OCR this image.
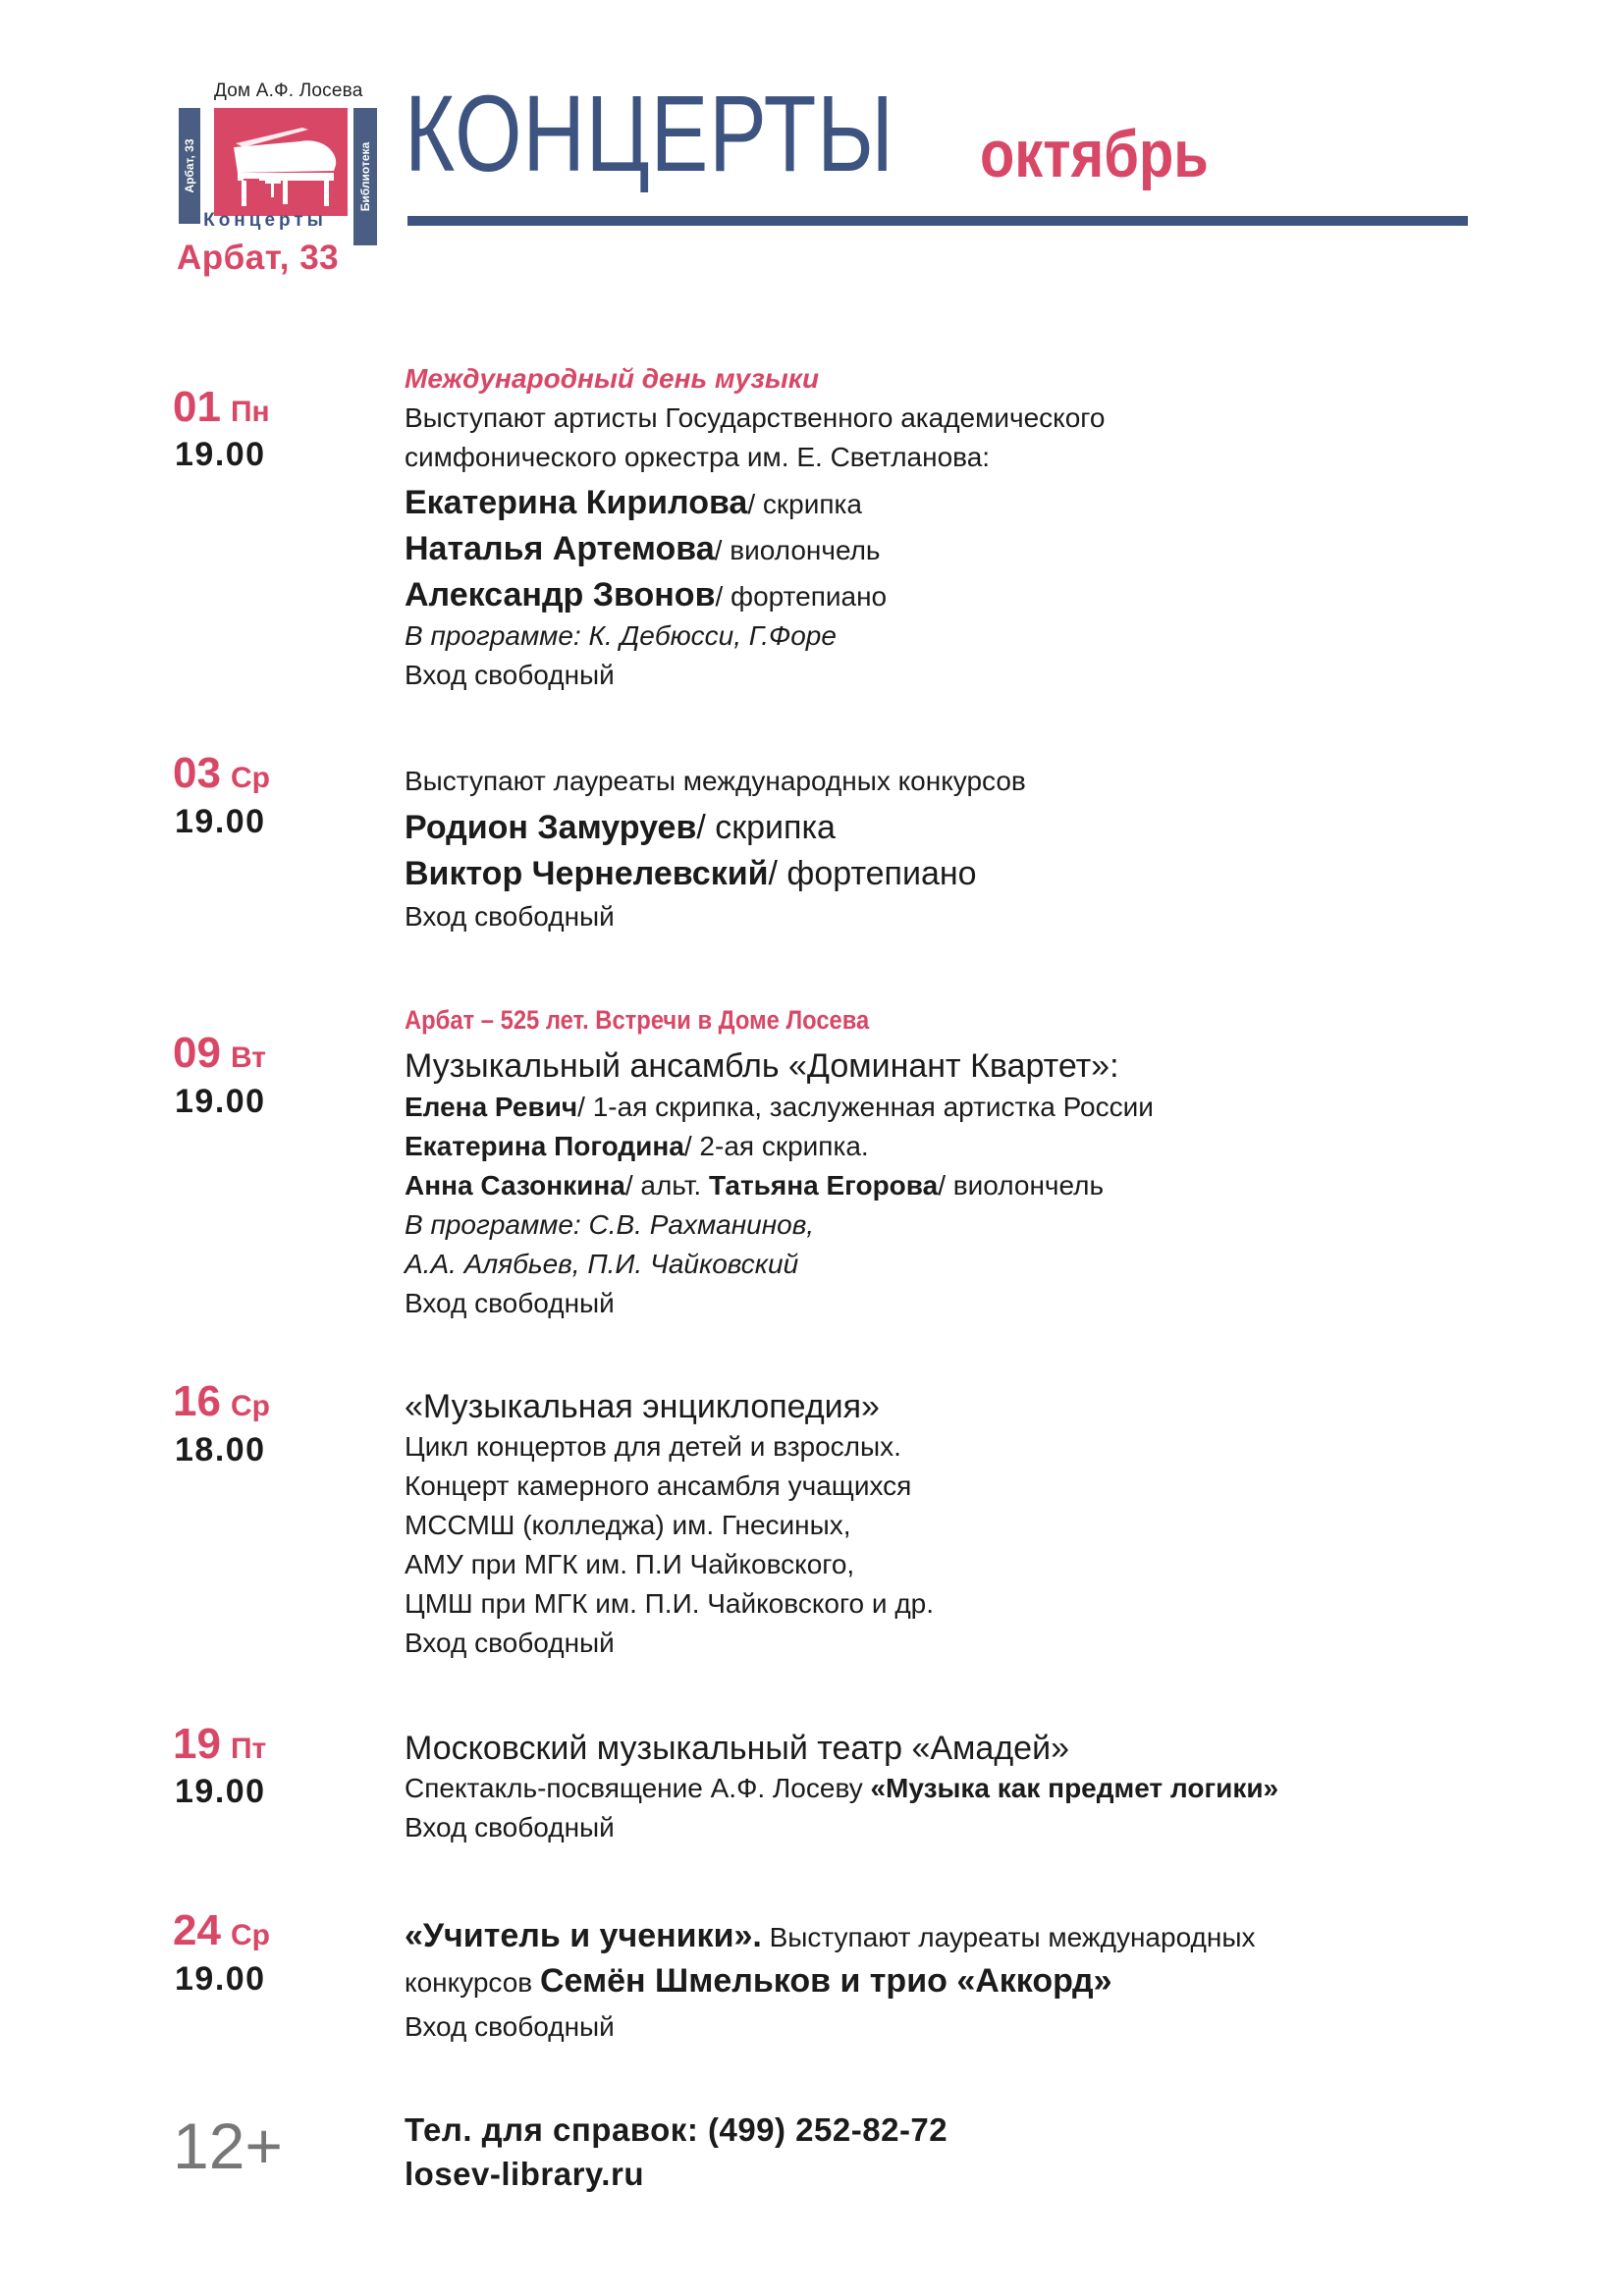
Дом А.Ф. Лосева
Арбат, 33	Библиотека
Концерты
Арбат, 33
КОНЦЕРТЫ октябрь
01 Пн
19.00
Международный день музыки
Выступают артисты Государственного академического
симфонического оркестра им. Е. Светланова:
Екатерина Кирилова/ скрипка
Наталья Артемова/ виолончель
Александр Звонов/ фортепиано
В программе: К. Дебюсси, Г.Форе
Вход свободный
03 Ср
19.00
Выступают лауреаты международных конкурсов
Родион Замуруев/ скрипка
Виктор Чернелевский/ фортепиано
Вход свободный
09 Вт
19.00
Арбат – 525 лет. Встречи в Доме Лосева
Музыкальный ансамбль «Доминант Квартет»:
Елена Ревич/ 1-ая скрипка, заслуженная артистка России
Екатерина Погодина/ 2-ая скрипка.
Анна Сазонкина/ альт. Татьяна Егорова/ виолончель
В программе: С.В. Рахманинов,
А.А. Алябьев, П.И. Чайковский
Вход свободный
16 Ср
18.00
«Музыкальная энциклопедия»
Цикл концертов для детей и взрослых.
Концерт камерного ансамбля учащихся
МССМШ (колледжа) им. Гнесиных,
АМУ при МГК им. П.И Чайковского,
ЦМШ при МГК им. П.И. Чайковского и др.
Вход свободный
19 Пт
19.00
Московский музыкальный театр «Амадей»
Спектакль-посвящение А.Ф. Лосеву «Музыка как предмет логики»
Вход свободный
24 Ср
19.00
«Учитель и ученики». Выступают лауреаты международных
конкурсов Семён Шмельков и трио «Аккорд»
Вход свободный
12+	Тел. для справок: (499) 252-82-72
losev-library.ru
